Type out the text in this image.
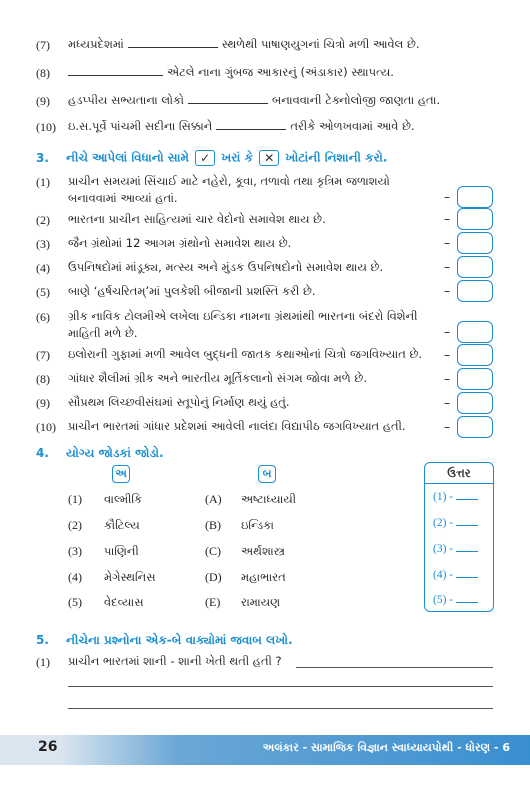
(7)	મધ્યપ્રદેશમાં	સ્થળેથી પાષાણયુગનાં ચિત્રો મળી આવેલ છે.
(8)	એટલે નાના ગુંબજ આકારનું (અંડાકાર) સ્થાપત્ય.
(9)	હડપ્પીય સભ્યતાના લોકો	બનાવવાની ટેક્નોલોજી જાણતા હતા.
(10)	ઇ.સ.પૂર્વે પાંચમી સદીના સિક્કાને	તરીકે ઓળખવામાં આવે છે.
3. નીચે આપેલાં વિધાનો સામે ✓ ખરાં કે ✕ ખોટાંની નિશાની કરો.
(1)	પ્રાચીન સમયમાં સિંચાઈ માટે નહેરો, કૂવા, તળાવો તથા કૃત્રિમ જળાશયો
બનાવવામાં આવ્યાં હતાં.	–
(2)	ભારતના પ્રાચીન સાહિત્યમાં ચાર વેદોનો સમાવેશ થાય છે.	–
(3)	જૈન ગ્રંથોમાં 12 આગમ ગ્રંથોનો સમાવેશ થાય છે.	–
(4)	ઉપનિષદોમાં માંડૂક્ય, મત્સ્ય અને મુંડક ઉપનિષદોનો સમાવેશ થાય છે.	–
(5)	બાણે ‘હર્ષચરિતમ્’માં પુલકેશી બીજાની પ્રશસ્તિ કરી છે.	–
(6)	ગ્રીક નાવિક ટોલમીએ લખેલા ઇન્ડિકા નામના ગ્રંથમાંથી ભારતના બંદરો વિશેની
માહિતી મળે છે.	–
(7)	ઇલોરાની ગુફામાં મળી આવેલ બુદ્ધની જાતક કથાઓનાં ચિત્રો જગવિખ્યાત છે. –
(8)	ગાંધાર શૈલીમાં ગ્રીક અને ભારતીય મૂર્તિકલાનો સંગમ જોવા મળે છે.	–
(9)	સૌપ્રથમ લિચ્છવીસંઘમાં સ્તૂપોનું નિર્માણ થયું હતું.	–
(10)	પ્રાચીન ભારતમાં ગાંધાર પ્રદેશમાં આવેલી નાલંદા વિદ્યાપીઠ જગવિખ્યાત હતી.	–
4. યોગ્ય જોડકાં જોડો.
અ	બ
(1) વાલ્મીકિ	(A) અષ્ટાધ્યાયી
(2) કૌટિલ્ય	(B) ઇન્ડિકા
(3) પાણિની	(C) અર્થશાસ્ત્ર
(4) મેગેસ્થનિસ	(D) મહાભારત
(5) વેદવ્યાસ	(E) રામાયણ
ઉત્તર
(1) -
(2) -
(3) -
(4) -
(5) -
5. નીચેના પ્રશ્નોના એક-બે વાક્યોમાં જવાબ લખો.
(1)	પ્રાચીન ભારતમાં શાની - શાની ખેતી થતી હતી ?
26	અલંકાર - સામાજિક વિજ્ઞાન સ્વાધ્યાયપોથી - ધોરણ - 6
